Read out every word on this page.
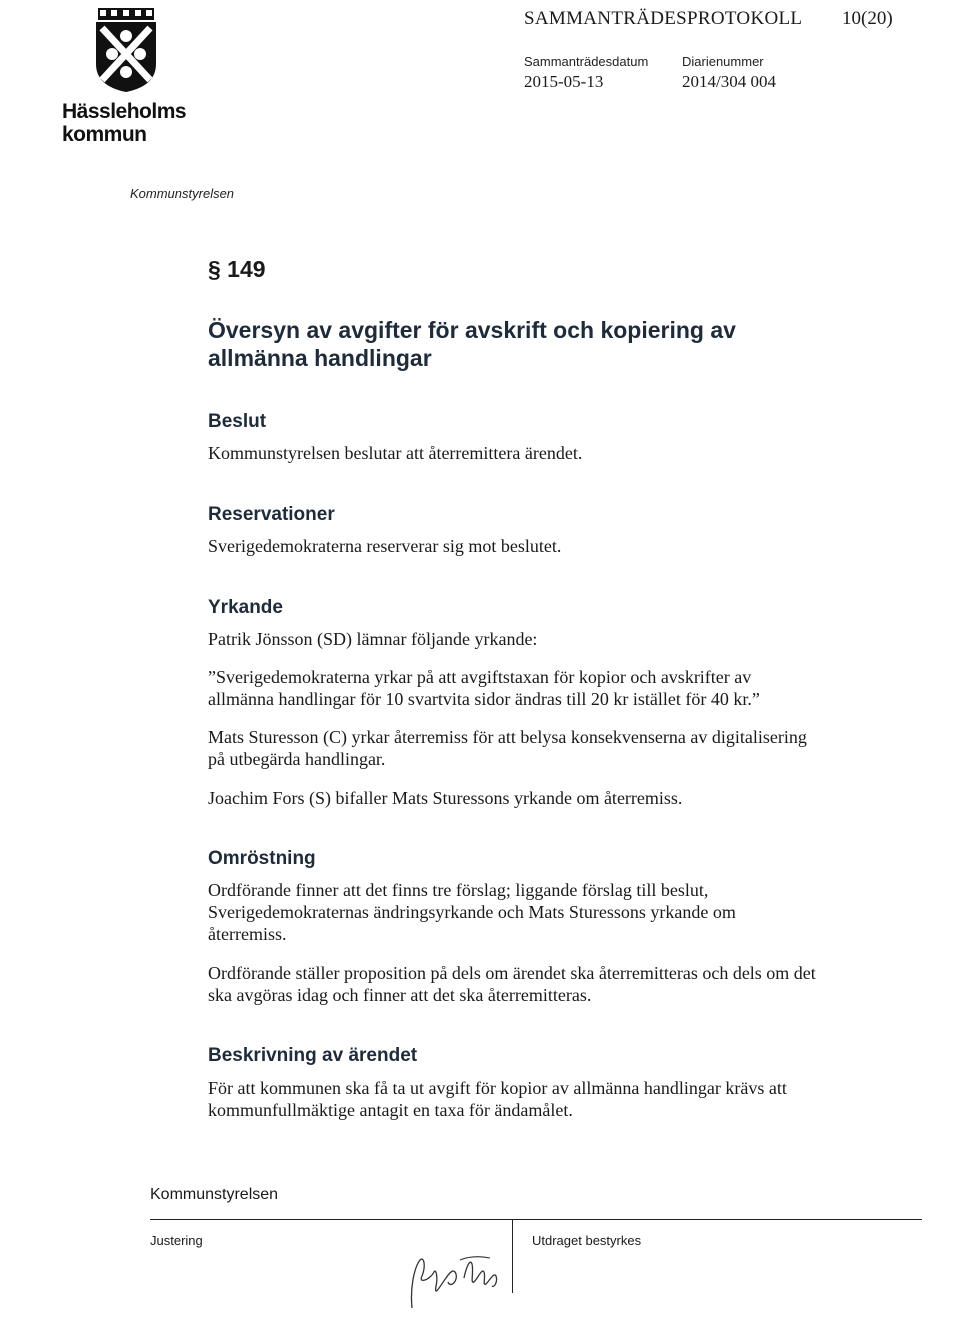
Hässleholms kommun
SAMMANTRÄDESPROTOKOLL 10(20)
Sammanträdesdatum	Diarienummer
2015-05-13	2014/304 004
Kommunstyrelsen
§ 149
Översyn av avgifter för avskrift och kopiering av allmänna handlingar
Beslut
Kommunstyrelsen beslutar att återremittera ärendet.
Reservationer
Sverigedemokraterna reserverar sig mot beslutet.
Yrkande
Patrik Jönsson (SD) lämnar följande yrkande:
”Sverigedemokraterna yrkar på att avgiftstaxan för kopior och avskrifter av allmänna handlingar för 10 svartvita sidor ändras till 20 kr istället för 40 kr.”
Mats Sturesson (C) yrkar återremiss för att belysa konsekvenserna av digitalisering på utbegärda handlingar.
Joachim Fors (S) bifaller Mats Sturessons yrkande om återremiss.
Omröstning
Ordförande finner att det finns tre förslag; liggande förslag till beslut, Sverigedemokraternas ändringsyrkande och Mats Sturessons yrkande om återremiss.
Ordförande ställer proposition på dels om ärendet ska återremitteras och dels om det ska avgöras idag och finner att det ska återremitteras.
Beskrivning av ärendet
För att kommunen ska få ta ut avgift för kopior av allmänna handlingar krävs att kommunfullmäktige antagit en taxa för ändamålet.
Kommunstyrelsen
Justering	Utdraget bestyrkes
